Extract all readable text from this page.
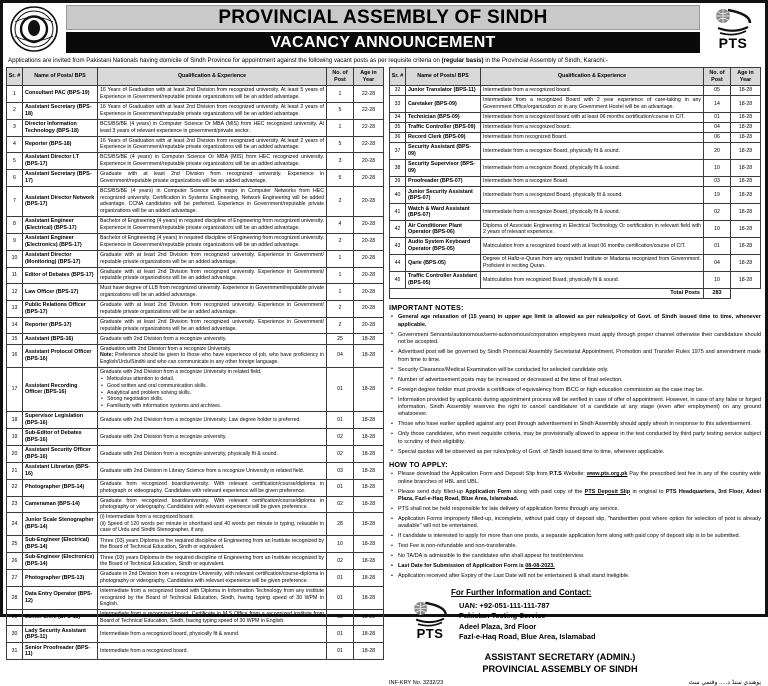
PROVINCIAL ASSEMBLY OF SINDH
VACANCY ANNOUNCEMENT	PTS
Applications are invited from Pakistani Nationals having domicile of Sindh Province for appointment against the following vacant posts as per requisite criteria on (regular basis) in the Provincial Assembly of Sindh, Karachi:-
Sr. #	Name of Posts/ BPS	Qualification & Experience	No. of Post	Age in Year
1	Consultant PAC (BPS-19)	16 Years of Graduation with at least 2nd Division from recognized university. At least 5 years of Experience in Government/reputable private organizations will be an added advantage.	1	22-28
2	Assistant Secretary (BPS-18)	16 Years of Graduation with at least 2nd Division from recognized university. At least 2 years of Experience in Government/reputable private organizations will be an added advantage.	5	22-28
3	Director Information Technology (BPS-18)	BCS/BS/BE (4 years) in Computer Science Or MBA (MIS) from HEC recognized university. At least 3 years of relevant experience in government/private sector.	1	22-28
4	Reporter (BPS-18)	16 Years of Graduation with at least 2nd Division from recognized university. At least 2 years of Experience in Government/reputable private organizations will be an added advantage.	5	22-28
5	Assistant Director I.T (BPS-17)	BCS/BS/BE (4 years) in Computer Science Or MBA (MIS) from HEC recognized university. Experience in Government/reputable private organizations will be an added advantage.	3	20-28
6	Assistant Secretary (BPS-17)	Graduate with at least 2nd Division from recognized university. Experience in Government/reputable private organizations will be an added advantage.	5	20-28
7	Assistant Director Network (BPS-17)	BCS/BS/BE (4 years) in Computer Science with major in Computer Networks from HEC recognized university. Certification in Systems Engineering, Network Engineering will be added advantage. CCNA candidates will be preferred. Experience in Government/reputable private organizations will be an added advantage.	2	20-28
8	Assistant Engineer (Electrical) (BPS-17)	Bachelor of Engineering (4 years) in required discipline of Engineering from recognized university. Experience in Government/reputable private organizations will be an added advantage.	4	20-28
9	Assistant Engineer (Electronics) (BPS-17)	Bachelor of Engineering (4 years) in required discipline of Engineering from recognized university. Experience in Government/reputable private organizations will be an added advantage.	2	20-28
10	Assistant Director (Monitoring) (BPS-17)	Graduate with at least 2nd Division from recognized university. Experience in Government/ reputable private organizations will be an added advantage.	1	20-28
11	Editor of Debates (BPS-17)	Graduate with at least 2nd Division from recognized university. Experience in Government/ reputable private organizations will be an added advantage.	1	20-28
12	Law Officer (BPS-17)	Must have degree of LLB from recognized university. Experience in Government/reputable private organizations will be an added advantage.	1	20-28
13	Public Relations Officer (BPS-17)	Graduate with at least 2nd Division from recognized university. Experience in Government/ reputable private organizations will be an added advantage.	2	20-28
14	Reporter (BPS-17)	Graduate with at least 2nd Division from recognized university. Experience in Government/ reputable private organizations will be an added advantage.	2	20-28
15	Assistant (BPS-16)	Graduate with 2nd Division from a recognize university.	25	18-28
16	Assistant Protocol Officer (BPS-16)	Graduation with 2nd Division from a recognize University.
Note: Preference should be given to those who have experience of job, who have proficiency in English/Urdu/Sindhi and who can communicate in any other foreign language.	04	18-28
17	Assistant Recording Officer (BPS-16)	
Graduate with 2nd Division from a recognize University in related field.
• Meticulous attention to detail.
• Good written and oral communication skills.
• Analytical and problem solving skills.
• Strong negotiation skills.
• Familiarity with information systems and archives.
	01	18-28
18	Supervisor Legislation (BPS-16)	Graduate with 2nd Division from a recognize University. Law degree holder is preferred.	01	18-28
19	Sub-Editor of Debates (BPS-16)	Graduate with 2nd Division from a recognize university.	02	18-28
20	Assistant Security Officer (BPS-16)	Graduate with 2nd Division from a recognize university, physically fit & sound.	02	18-28
21	Assistant Librarian (BPS-16)	Graduate with 2nd Division in Library Science from a recognize University in related field.	03	18-28
22	Photographer (BPS-14)	Graduate from recognized board/university. With relevant certification/course/diploma in photograph or videography. Candidates with relevant experience will be given preference.	01	18-28
23	Cameraman (BPS-14)	Graduate from recognized board/university. With relevant certification/course/diploma in photography or videography. Candidates with relevant experience will be given preference.	02	18-28
24	Junior Scale Stenographer (BPS-14)	(i) Intermediate from a recognized board.
(ii) Speed of 120 words per minute in shorthand and 40 words per minute in typing, relaxable in case of Urdu and Sindhi Stenographer, if any.	28	18-28
25	Sub-Engineer (Electrical) (BPS-14)	Three (03) years Diploma in the required discipline of Engineering from an Institute recognized by the Board of Technical Education, Sindh or equivalent.	10	18-28
26	Sub-Engineer (Electronics) (BPS-14)	Three (03) years Diploma in the required discipline of Engineering from an Institute recognized by the Board of Technical Education, Sindh or equivalent.	02	18-28
27	Photographer (BPS-13)	Graduate in 2nd Division from a recognize University, with relevant certification/course-diploma in photography or videography. Candidates with relevant experience will be given preference.	01	18-28
28	Data Entry Operator (BPS-12)	Intermediate from a recognized board with Diploma in Information Technology from any institute recognized by the Board of Technical Education, Sindh, having typing speed of 30 WPM in English.	01	18-28
29	Junior Clerk (BPS-11)	Intermediate from a recognized board. Certificate in M.S Office from a recognized institute from Board of Technical Education, Sindh, having typing speed of 30 WPM in English.	52	18-28
30	Lady Security Assistant (BPS-11)	Intermediate from a recognized board, physically fit & sound.	01	18-28
31	Senior Proofreader (BPS-11)	Intermediate from a recognized board.	01	18-28
Sr. #	Name of Posts/ BPS	Qualification & Experience	No. of Post	Age in Year
32	Junior Translator (BPS-11)	Intermediate from a recognized board.	05	18-28
33	Caretaker (BPS-09)	Intermediate from a recognized Board with 2 year experience of care-taking in any Government Office/organization or in any Government Hostel will be an advantage.	14	18-28
34	Technician (BPS-09)	Intermediate from a recognized board with at least 06 months certification/course in CIT.	01	18-28
35	Traffic Controller (BPS-09)	Intermediate from a recognized board.	04	18-28
36	Record Clerk (BPS-09)	Intermediate from recognized Board.	06	18-28
37	Security Assistant (BPS-09)	Intermediate from a recognize Board, physically fit & sound.	20	18-28
38	Security Supervisor (BPS-09)	Intermediate from a recognize Board, physically fit & sound.	10	18-28
39	Proofreader (BPS-07)	Intermediate from a recognize Board.	03	18-28
40	Junior Security Assistant (BPS-07)	Intermediate from a recognized Board, physically fit & sound.	19	18-28
41	Watch & Ward Assistant (BPS-07)	Intermediate from a recognize Board, physically fit & sound.	02	18-28
42	Air Conditioner Plant Operator (BPS-06)	Diploma of Associate Engineering in Electrical Technology Or certification in relevant field with 2 years of relevant experience.	10	18-28
43	Audio System Keyboard Operator (BPS-05)	Matriculation from a recognized board with at least 06 months certification/course of CIT.	01	18-28
44	Qarie (BPS-05)	Degree of Hafiz-e-Quran from any reputed Institute or Madarsa recognized from Government. Proficient in reciting Quran.	04	18-28
45	Traffic Controller Assistant (BPS-05)	Matriculation from recognized Board, physically fit & sound.	10	18-28
Total Posts			283	
IMPORTANT NOTES:
• General age relaxation of (15 years) in upper age limit is allowed as per rules/policy of Govt. of Sindh issued time to time, whenever applicable.
• Government Servants/autonomous/semi-autonomous/corporation employees must apply through proper channel otherwise their candidature should not be accepted.
• Advertised post will be governed by Sindh Provincial Assembly Secretariat Appointment, Promotion and Transfer Rules 1975 and amendment made from time to time.
• Security Clearance/Medical Examination will be conducted for selected candidate only.
• Number of advertisement posts may be increased or decreased at the time of final selection.
• Foreign degree holder must provide a certificate of equivalency from IBCC or high education commission as the case may be.
• Information provided by applicants during appointment process will be verified in case of offer of appointment. However, in case of any false or forged information, Sindh Assembly reserves the right to cancel candidature of a candidate at any stage (even after employment) on any ground whatsoever.
• Those who have earlier applied against any post through advertisement in Sindh Assembly should apply afresh in response to this advertisement.
• Only those candidates, who meet requisite criteria, may be provisionally allowed to appear in the test conducted by third party testing service subject to scrutiny of their eligibility.
• Special quotas will be observed as per rules/policy of Govt. of Sindh issued time to time, wherever applicable.
HOW TO APPLY:
• Please download the Application Form and Deposit Slip from P.T.S Website: www.pts.org.pk Pay the prescribed test fee in any of the country wide online branches of HBL and UBL.
• Please send duly filled-up Application Form along with paid copy of the PTS Deposit Slip in original to PTS Headquarters, 3rd Floor, Adeel Plaza, Fazl-e-Haq Road, Blue Area, Islamabad.
• PTS shall not be held responsible for late delivery of application forms through any service.
• Application Forms improperly filled-up, incomplete, without paid copy of deposit slip, "handwritten post where option for selection of post is already available" will not be entertained.
• If candidate is interested to apply for more than one posts, a separate application form along with paid copy of deposit slip is to be submitted.
• Test Fee is non-refundable and non-transferable.
• No TA/DA is admissible to the candidates who shall appear for test/interview.
• Last Date for Submission of Application Form is 08-08-2023.
• Application received after Expiry of the Last Date will not be entertained & shall stand ineligible.
For Further Information and Contact:
PTS
UAN: +92-051-111-111-787
Pakistan Testing Service
Adeel Plaza, 3rd Floor
Fazl-e-Haq Road, Blue Area, Islamabad
ASSISTANT SECRETARY (ADMIN.)
PROVINCIAL ASSEMBLY OF SINDH
INF-KRY No. 3232/23	پوهندي ستڈ د..... وقتمي سٹ
